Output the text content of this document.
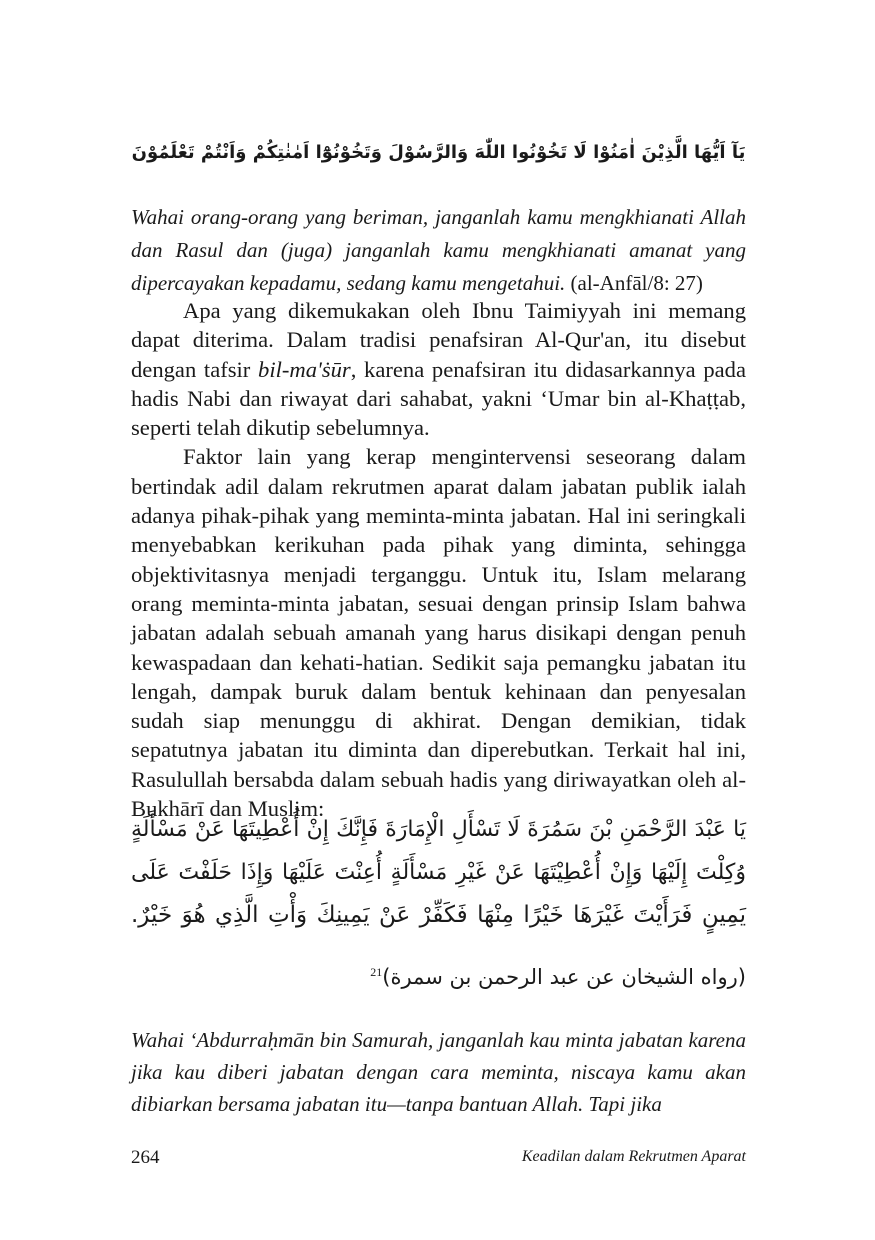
يَآ اَيُّهَا الَّذِيْنَ اٰمَنُوْا لَا تَخُوْنُوا اللّٰهَ وَالرَّسُوْلَ وَتَخُوْنُوْٓا اَمٰنٰتِكُمْ وَاَنْتُمْ تَعْلَمُوْنَ
Wahai orang-orang yang beriman, janganlah kamu mengkhianati Allah dan Rasul dan (juga) janganlah kamu mengkhianati amanat yang dipercayakan kepadamu, sedang kamu mengetahui. (al-Anfāl/8: 27)

Apa yang dikemukakan oleh Ibnu Taimiyyah ini memang dapat diterima. Dalam tradisi penafsiran Al-Qur'an, itu disebut dengan tafsir bil-ma'ṡūr, karena penafsiran itu didasarkannya pada hadis Nabi dan riwayat dari sahabat, yakni ‘Umar bin al-Khaṭṭab, seperti telah dikutip sebelumnya.

Faktor lain yang kerap mengintervensi seseorang dalam bertindak adil dalam rekrutmen aparat dalam jabatan publik ialah adanya pihak-pihak yang meminta-minta jabatan. Hal ini seringkali menyebabkan kerikuhan pada pihak yang diminta, sehingga objektivitasnya menjadi terganggu. Untuk itu, Islam melarang orang meminta-minta jabatan, sesuai dengan prinsip Islam bahwa jabatan adalah sebuah amanah yang harus disikapi dengan penuh kewaspadaan dan kehati-hatian. Sedikit saja pemangku jabatan itu lengah, dampak buruk dalam bentuk kehinaan dan penyesalan sudah siap menunggu di akhirat. Dengan demikian, tidak sepatutnya jabatan itu diminta dan diperebutkan. Terkait hal ini, Rasulullah bersabda dalam sebuah hadis yang diriwayatkan oleh al-Bukhārī dan Muslim:

يَا عَبْدَ الرَّحْمَنِ بْنَ سَمُرَةَ لَا تَسْأَلِ الْإِمَارَةَ فَإِنَّكَ إِنْ أُعْطِيتَهَا عَنْ مَسْأَلَةٍ
وُكِلْتَ إِلَيْهَا وَإِنْ أُعْطِيْتَهَا عَنْ غَيْرِ مَسْأَلَةٍ أُعِنْتَ عَلَيْهَا وَإِذَا حَلَفْتَ عَلَى
يَمِينٍ فَرَأَيْتَ غَيْرَهَا خَيْرًا مِنْهَا فَكَفِّرْ عَنْ يَمِينِكَ وَأْتِ الَّذِي هُوَ خَيْرٌ.
(رواه الشيخان عن عبد الرحمن بن سمرة)$^{21}$
Wahai ‘Abdurraḥmān bin Samurah, janganlah kau minta jabatan karena jika kau diberi jabatan dengan cara meminta, niscaya kamu akan dibiarkan bersama jabatan itu—tanpa bantuan Allah. Tapi jika
264	Keadilan dalam Rekrutmen Aparat
